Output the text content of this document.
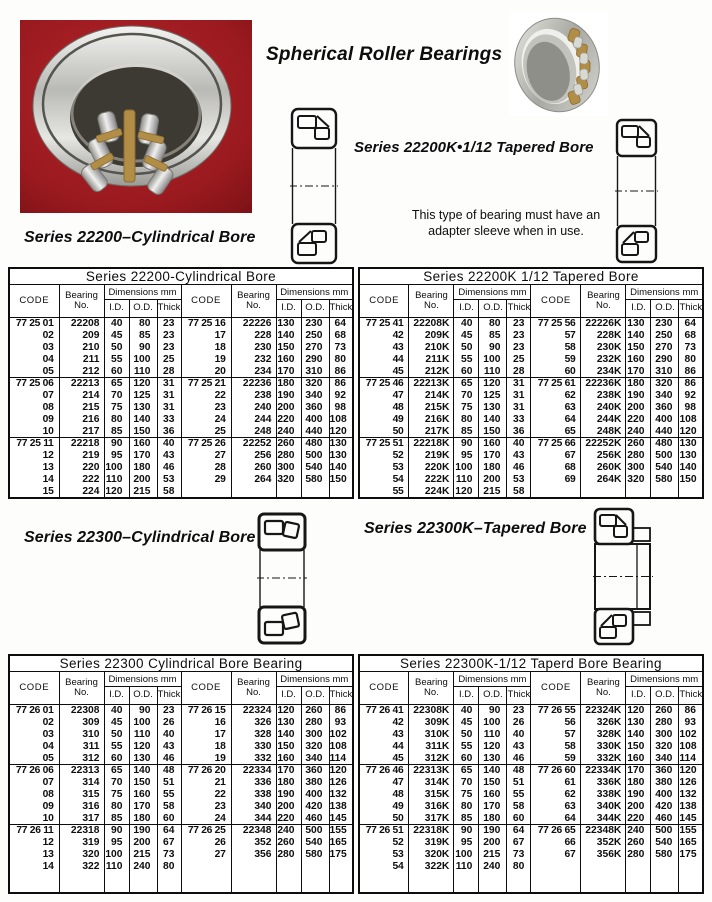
Spherical Roller Bearings
Series 22200K•1/12 Tapered Bore
This type of bearing must have an
adapter sleeve when in use.
Series 22200–Cylindrical Bore
Series 22200-Cylindrical Bore									
CODE	Bearing No.	Dimensions mm			CODE	Bearing No.	Dimensions mm		
		I.D.	O.D.	Thick			I.D.	O.D.	Thick
77 25 01	22208	40	80	23	77 25 16	22226	130	230	64
02	209	45	85	23	17	228	140	250	68
03	210	50	90	23	18	230	150	270	73
04	211	55	100	25	19	232	160	290	80
05	212	60	110	28	20	234	170	310	86
77 25 06	22213	65	120	31	77 25 21	22236	180	320	86
07	214	70	125	31	22	238	190	340	92
08	215	75	130	31	23	240	200	360	98
09	216	80	140	33	24	244	220	400	108
10	217	85	150	36	25	248	240	440	120
77 25 11	22218	90	160	40	77 25 26	22252	260	480	130
12	219	95	170	43	27	256	280	500	130
13	220	100	180	46	28	260	300	540	140
14	222	110	200	53	29	264	320	580	150
15	224	120	215	58					
Series 22200K 1/12 Tapered Bore									
CODE	Bearing No.	Dimensions mm			CODE	Bearing No.	Dimensions mm		
		I.D.	O.D.	Thick			I.D.	O.D.	Thick
77 25 41	22208K	40	80	23	77 25 56	22226K	130	230	64
42	209K	45	85	23	57	228K	140	250	68
43	210K	50	90	23	58	230K	150	270	73
44	211K	55	100	25	59	232K	160	290	80
45	212K	60	110	28	60	234K	170	310	86
77 25 46	22213K	65	120	31	77 25 61	22236K	180	320	86
47	214K	70	125	31	62	238K	190	340	92
48	215K	75	130	31	63	240K	200	360	98
49	216K	80	140	33	64	244K	220	400	108
50	217K	85	150	36	65	248K	240	440	120
77 25 51	22218K	90	160	40	77 25 66	22252K	260	480	130
52	219K	95	170	43	67	256K	280	500	130
53	220K	100	180	46	68	260K	300	540	140
54	222K	110	200	53	69	264K	320	580	150
55	224K	120	215	58					
Series 22300–Cylindrical Bore
Series 22300K–Tapered Bore
Series 22300 Cylindrical Bore Bearing									
CODE	Bearing No.	Dimensions mm			CODE	Bearing No.	Dimensions mm		
		I.D.	O.D.	Thick			I.D.	O.D.	Thick
77 26 01	22308	40	90	23	77 26 15	22324	120	260	86
02	309	45	100	26	16	326	130	280	93
03	310	50	110	40	17	328	140	300	102
04	311	55	120	43	18	330	150	320	108
05	312	60	130	46	19	332	160	340	114
77 26 06	22313	65	140	48	77 26 20	22334	170	360	120
07	314	70	150	51	21	336	180	380	126
08	315	75	160	55	22	338	190	400	132
09	316	80	170	58	23	340	200	420	138
10	317	85	180	60	24	344	220	460	145
77 26 11	22318	90	190	64	77 26 25	22348	240	500	155
12	319	95	200	67	26	352	260	540	165
13	320	100	215	73	27	356	280	580	175
14	322	110	240	80					

Series 22300K-1/12 Taperd Bore Bearing									
CODE	Bearing No.	Dimensions mm			CODE	Bearing No.	Dimensions mm		
		I.D.	O.D.	Thick			I.D.	O.D.	Thick
77 26 41	22308K	40	90	23	77 26 55	22324K	120	260	86
42	309K	45	100	26	56	326K	130	280	93
43	310K	50	110	40	57	328K	140	300	102
44	311K	55	120	43	58	330K	150	320	108
45	312K	60	130	46	59	332K	160	340	114
77 26 46	22313K	65	140	48	77 26 60	22334K	170	360	120
47	314K	70	150	51	61	336K	180	380	126
48	315K	75	160	55	62	338K	190	400	132
49	316K	80	170	58	63	340K	200	420	138
50	317K	85	180	60	64	344K	220	460	145
77 26 51	22318K	90	190	64	77 26 65	22348K	240	500	155
52	319K	95	200	67	66	352K	260	540	165
53	320K	100	215	73	67	356K	280	580	175
54	322K	110	240	80					
